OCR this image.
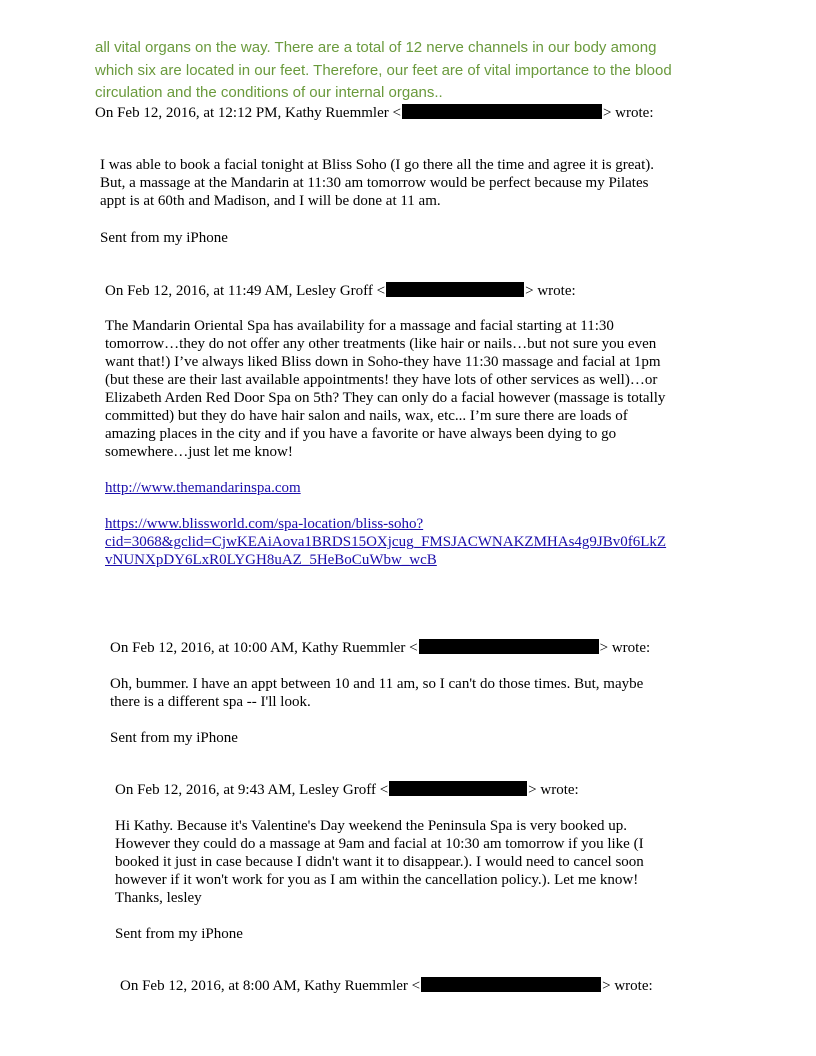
all vital organs on the way. There are a total of 12 nerve channels in our body among
which six are located in our feet. Therefore, our feet are of vital importance to the blood
circulation and the conditions of our internal organs..
On Feb 12, 2016, at 12:12 PM, Kathy Ruemmler <	> wrote:
I was able to book a facial tonight at Bliss Soho (I go there all the time and agree it is great).
But, a massage at the Mandarin at 11:30 am tomorrow would be perfect because my Pilates
appt is at 60th and Madison, and I will be done at 11 am.
Sent from my iPhone
On Feb 12, 2016, at 11:49 AM, Lesley Groff <	> wrote:
The Mandarin Oriental Spa has availability for a massage and facial starting at 11:30
tomorrow…they do not offer any other treatments (like hair or nails…but not sure you even
want that!) I’ve always liked Bliss down in Soho-they have 11:30 massage and facial at 1pm
(but these are their last available appointments! they have lots of other services as well)…or
Elizabeth Arden Red Door Spa on 5th? They can only do a facial however (massage is totally
committed) but they do have hair salon and nails, wax, etc... I’m sure there are loads of
amazing places in the city and if you have a favorite or have always been dying to go
somewhere…just let me know!
http://www.themandarinspa.com
https://www.blissworld.com/spa-location/bliss-soho?
cid=3068&gclid=CjwKEAiAova1BRDS15OXjcug_FMSJACWNAKZMHAs4g9JBv0f6LkZ
vNUNXpDY6LxR0LYGH8uAZ_5HeBoCuWbw_wcB
On Feb 12, 2016, at 10:00 AM, Kathy Ruemmler <	> wrote:
Oh, bummer. I have an appt between 10 and 11 am, so I can't do those times. But, maybe
there is a different spa -- I'll look.
Sent from my iPhone
On Feb 12, 2016, at 9:43 AM, Lesley Groff <	> wrote:
Hi Kathy. Because it's Valentine's Day weekend the Peninsula Spa is very booked up.
However they could do a massage at 9am and facial at 10:30 am tomorrow if you like (I
booked it just in case because I didn't want it to disappear.). I would need to cancel soon
however if it won't work for you as I am within the cancellation policy.). Let me know!
Thanks, lesley
Sent from my iPhone
On Feb 12, 2016, at 8:00 AM, Kathy Ruemmler <	> wrote:
